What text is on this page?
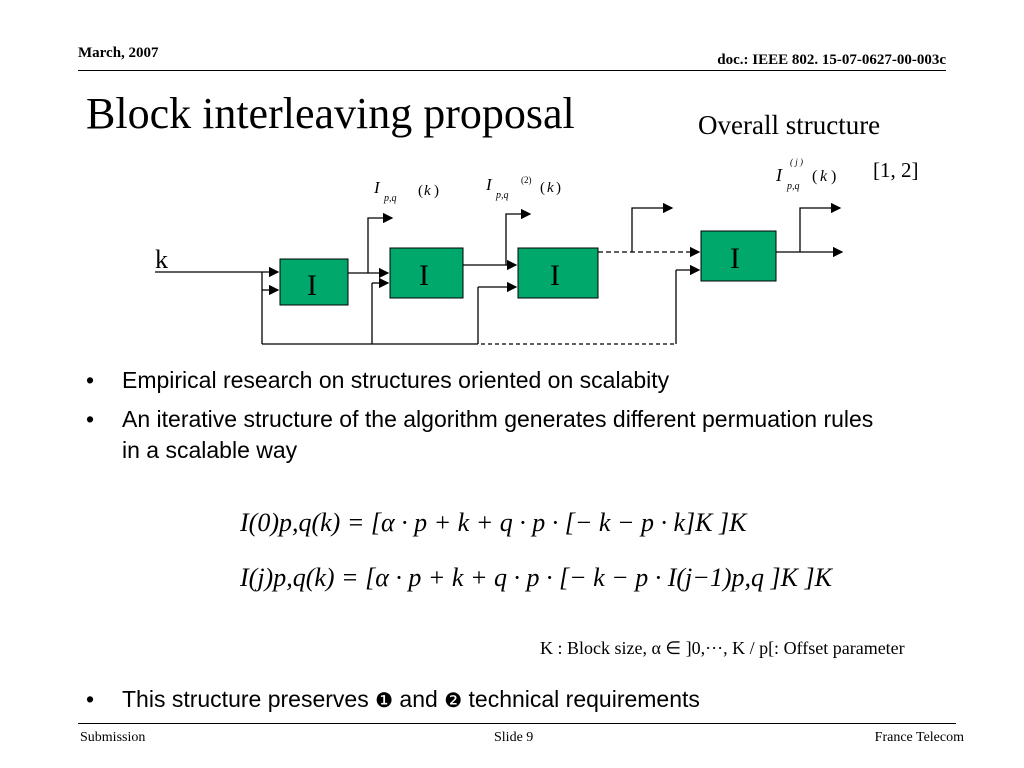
March, 2007	doc.: IEEE 802. 15-07-0627-00-003c
Block interleaving proposal	Overall structure
[1, 2]
k
I	I	I
I
I
p,q ( k )	I
p,q
(2) ( k )
I
p,q
( j )
( k )
• Empirical research on structures oriented on scalabity
• An iterative structure of the algorithm generates different permuation rules in a scalable way
I(0)p,q(k) = [α · p + k + q · p · [− k − p · k]K ]K
I(j)p,q(k) = [α · p + k + q · p · [− k − p · I(j−1)p,q ]K ]K
K : Block size, α ∈ ]0,···, K / p[: Offset parameter
• This structure preserves ❶ and ❷ technical requirements
Submission	Slide 9	France Telecom
